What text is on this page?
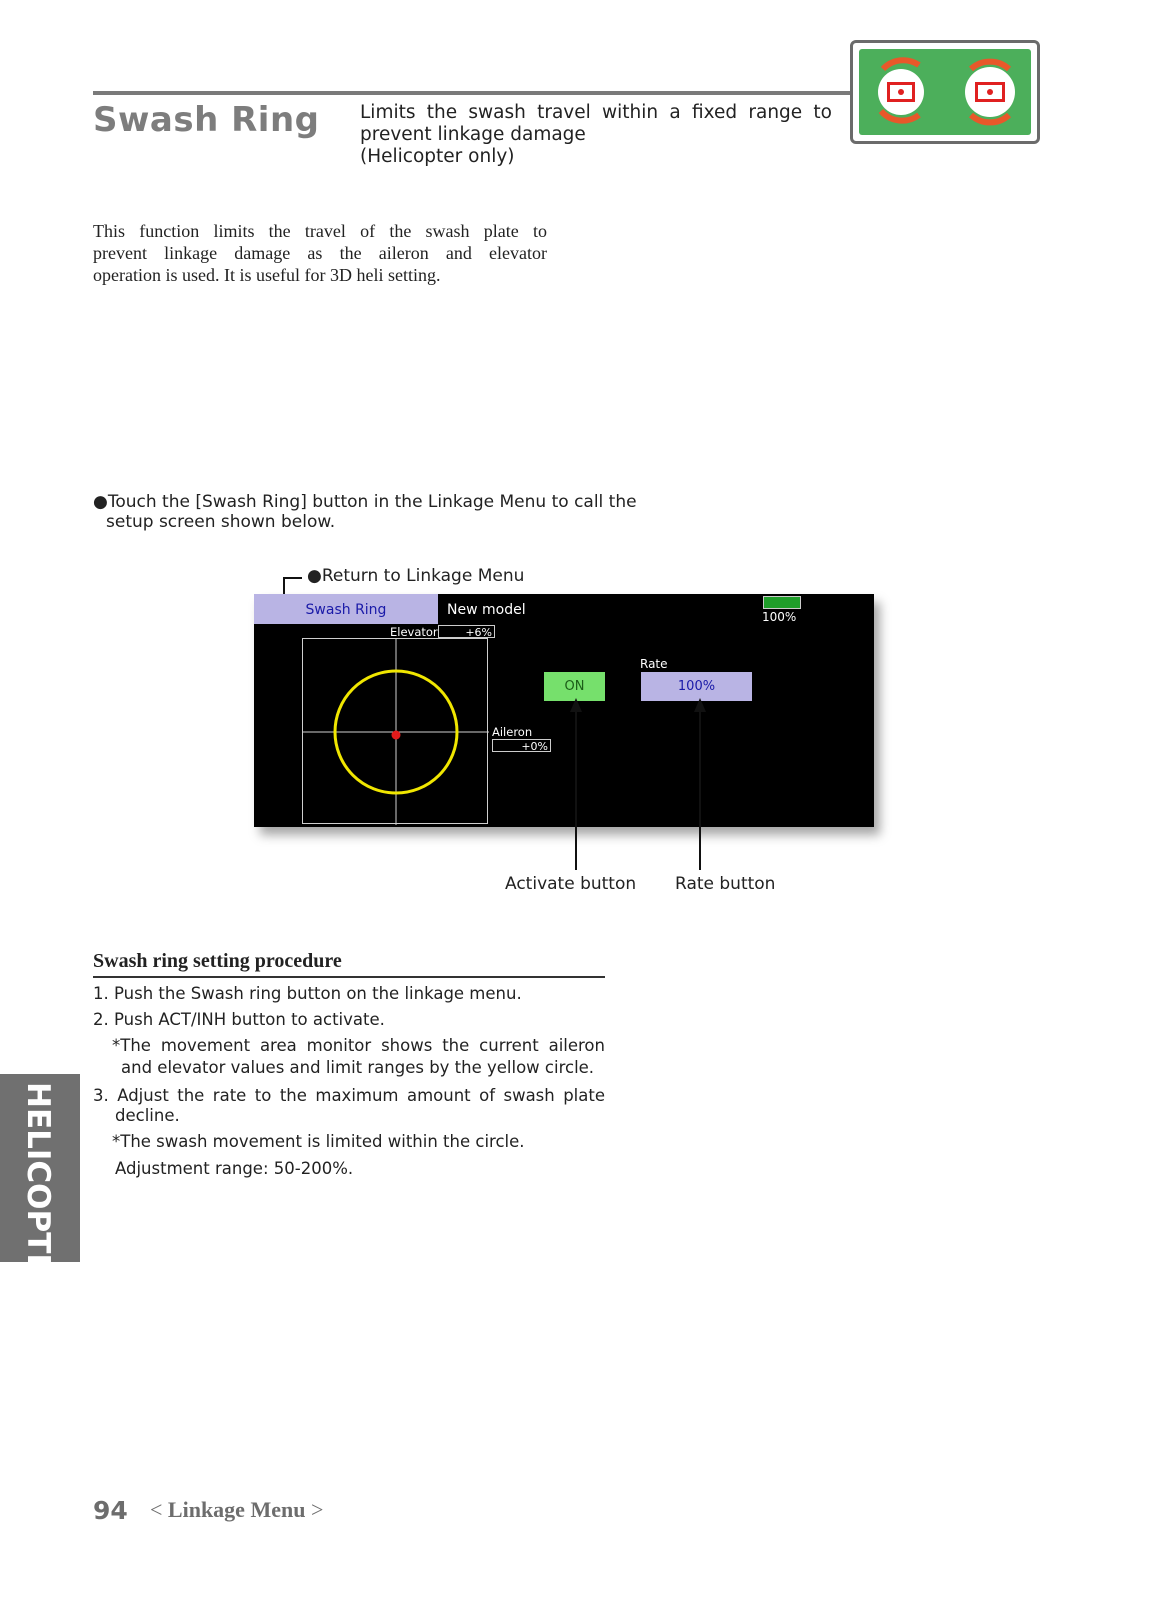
Swash Ring Limits the swash travel within a fixed range to
prevent linkage damage
(Helicopter only)
This function limits the travel of the swash plate to
prevent linkage damage as the aileron and elevator
operation is used. It is useful for 3D heli setting.
●Touch the [Swash Ring] button in the Linkage Menu to call the
setup screen shown below.
●Return to Linkage Menu
Swash Ring	New model	100%
Elevator	+6%
Aileron
+0%
ON
Rate
100%
Activate button Rate button
Swash ring setting procedure
1. Push the Swash ring button on the linkage menu.
2. Push ACT/INH button to activate.
*The movement area monitor shows the current aileron
and elevator values and limit ranges by the yellow circle.
3. Adjust the rate to the maximum amount of swash plate
decline.
*The swash movement is limited within the circle.
Adjustment range: 50-200%.
HELICOPTER
94 < Linkage Menu >
